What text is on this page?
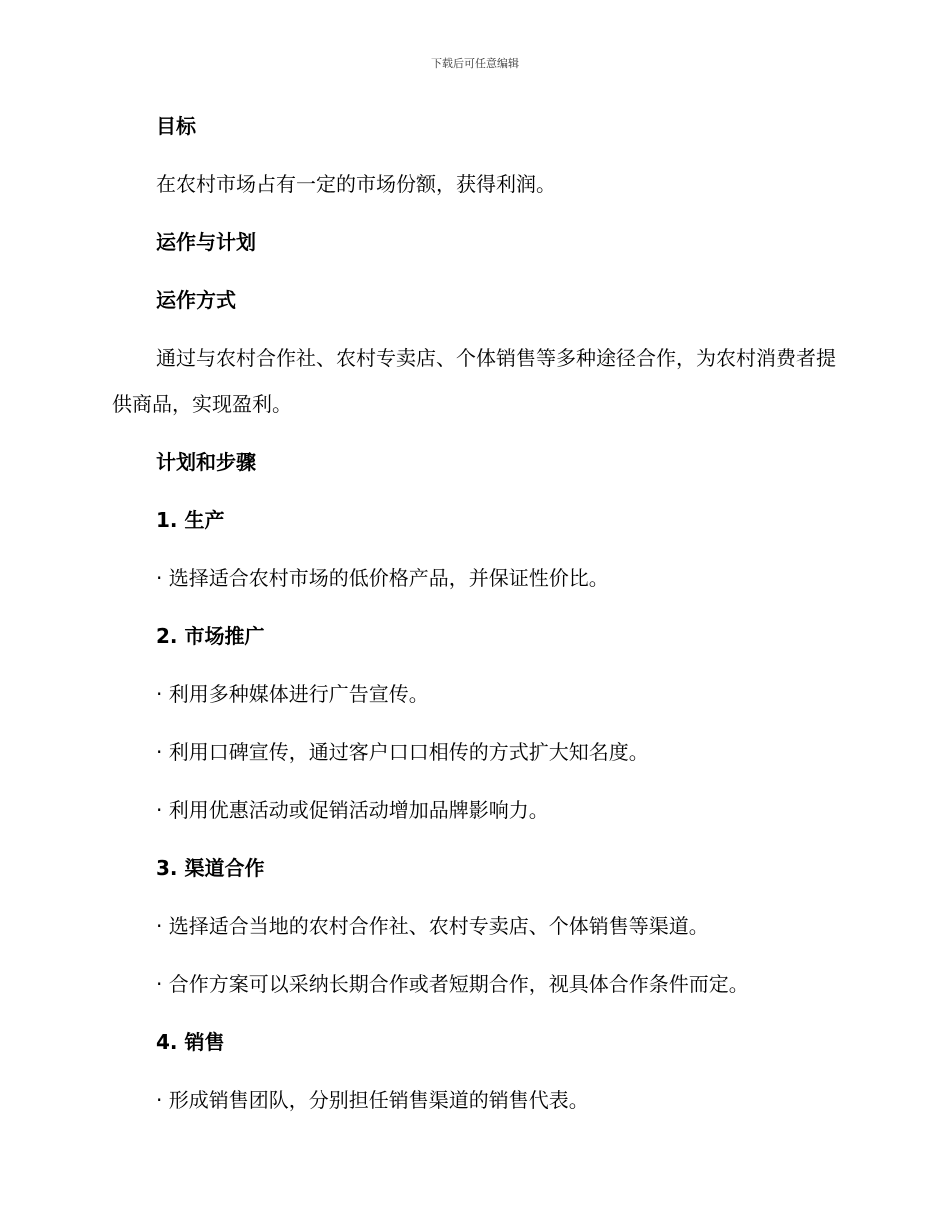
下载后可任意编辑

目标

在农村市场占有一定的市场份额，获得利润。

运作与计划

运作方式

通过与农村合作社、农村专卖店、个体销售等多种途径合作，为农村消费者提供商品，实现盈利。

计划和步骤

1. 生产

· 选择适合农村市场的低价格产品，并保证性价比。

2. 市场推广

· 利用多种媒体进行广告宣传。

· 利用口碑宣传，通过客户口口相传的方式扩大知名度。

· 利用优惠活动或促销活动增加品牌影响力。

3. 渠道合作

· 选择适合当地的农村合作社、农村专卖店、个体销售等渠道。

· 合作方案可以采纳长期合作或者短期合作，视具体合作条件而定。

4. 销售

· 形成销售团队，分别担任销售渠道的销售代表。
